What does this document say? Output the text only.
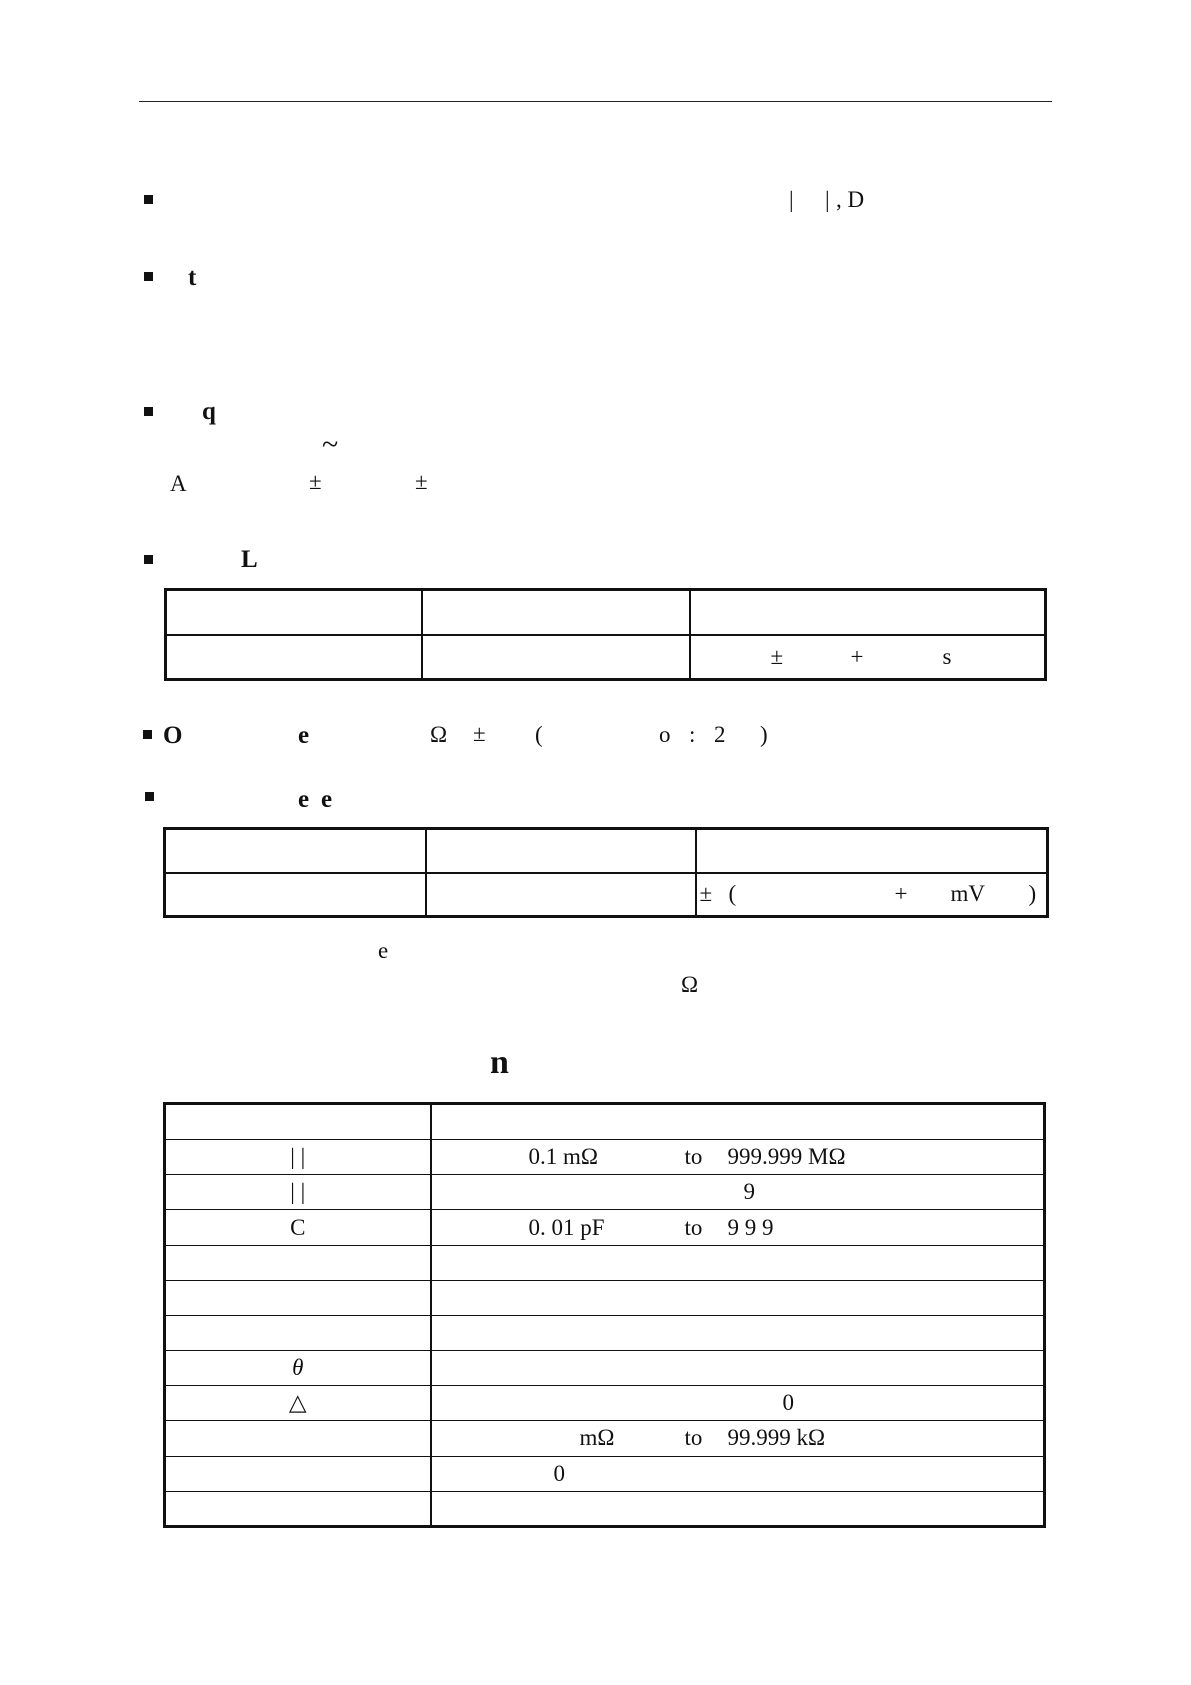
| | , D
t
q
~
A	±	±
L

		± + s
O	e	Ω ± (	o : 2 )
e e

		± ( + mV )
e
Ω
n

| |	0.1 mΩ to 999.999 MΩ

| |	9

C	0. 01 pF to 9 9 9

θ	

△	0

	mΩ to 99.999 kΩ

	0
